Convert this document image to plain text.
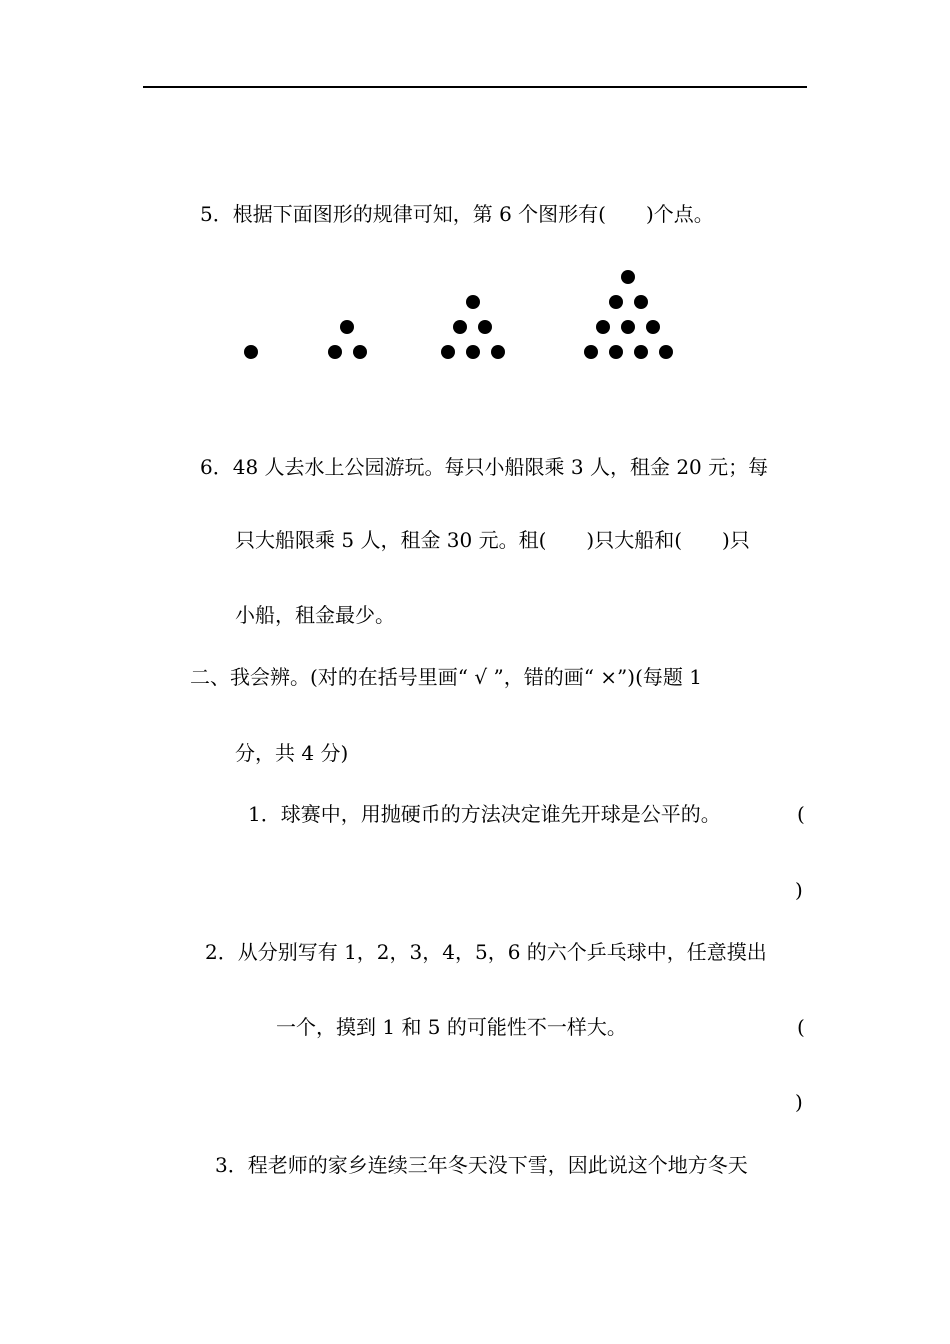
5．根据下面图形的规律可知，第 6 个图形有(　　)个点。
6．48 人去水上公园游玩。每只小船限乘 3 人，租金 20 元；每
只大船限乘 5 人，租金 30 元。租(　　)只大船和(　　)只
小船，租金最少。
二、我会辨。(对的在括号里画“ √ ”，错的画“ ×”)(每题 1
分，共 4 分)
1．球赛中，用抛硬币的方法决定谁先开球是公平的。	(
)
2．从分别写有 1，2，3，4，5，6 的六个乒乓球中，任意摸出
一个，摸到 1 和 5 的可能性不一样大。	(
)
3．程老师的家乡连续三年冬天没下雪，因此说这个地方冬天
